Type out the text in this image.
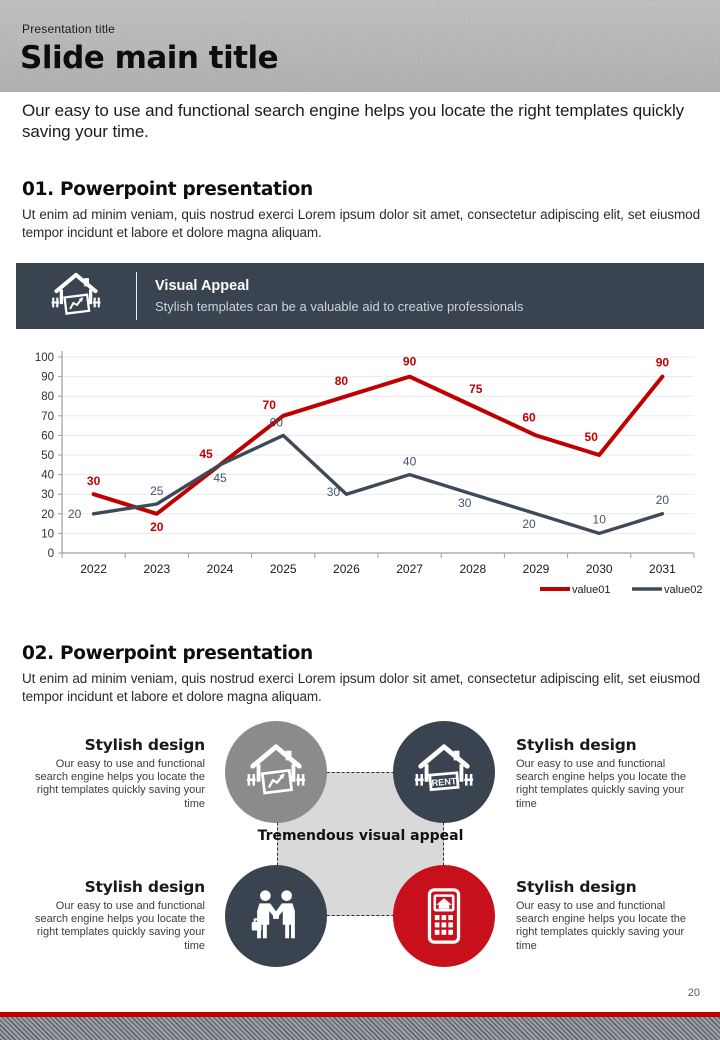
Presentation title
Slide main title
Our easy to use and functional search engine helps you locate the right templates quickly saving your time.
01. Powerpoint presentation
Ut enim ad minim veniam, quis nostrud exerci Lorem ipsum dolor sit amet, consectetur adipiscing elit, set eiusmod tempor incidunt et labore et dolore magna aliquam.
Visual Appeal
Stylish templates can be a valuable aid to creative professionals
0
10
20
30
40
50
60
70
80
90
100
2022	2023	2024	2025	2026	2027	2028	2029	2030	2031
30
20
45
70
80
90
75
60
50
90
20
25
45
60
30
40
30
20	10
20
value01	value02
02. Powerpoint presentation
Ut enim ad minim veniam, quis nostrud exerci Lorem ipsum dolor sit amet, consectetur adipiscing elit, set eiusmod tempor incidunt et labore et dolore magna aliquam.
Tremendous visual appeal
Stylish design
Our easy to use and functional search engine helps you locate the right templates quickly saving your time
Stylish design
Our easy to use and functional search engine helps you locate the right templates quickly saving your time
Stylish design
Our easy to use and functional search engine helps you locate the right templates quickly saving your time
Stylish design
Our easy to use and functional search engine helps you locate the right templates quickly saving your time
20
